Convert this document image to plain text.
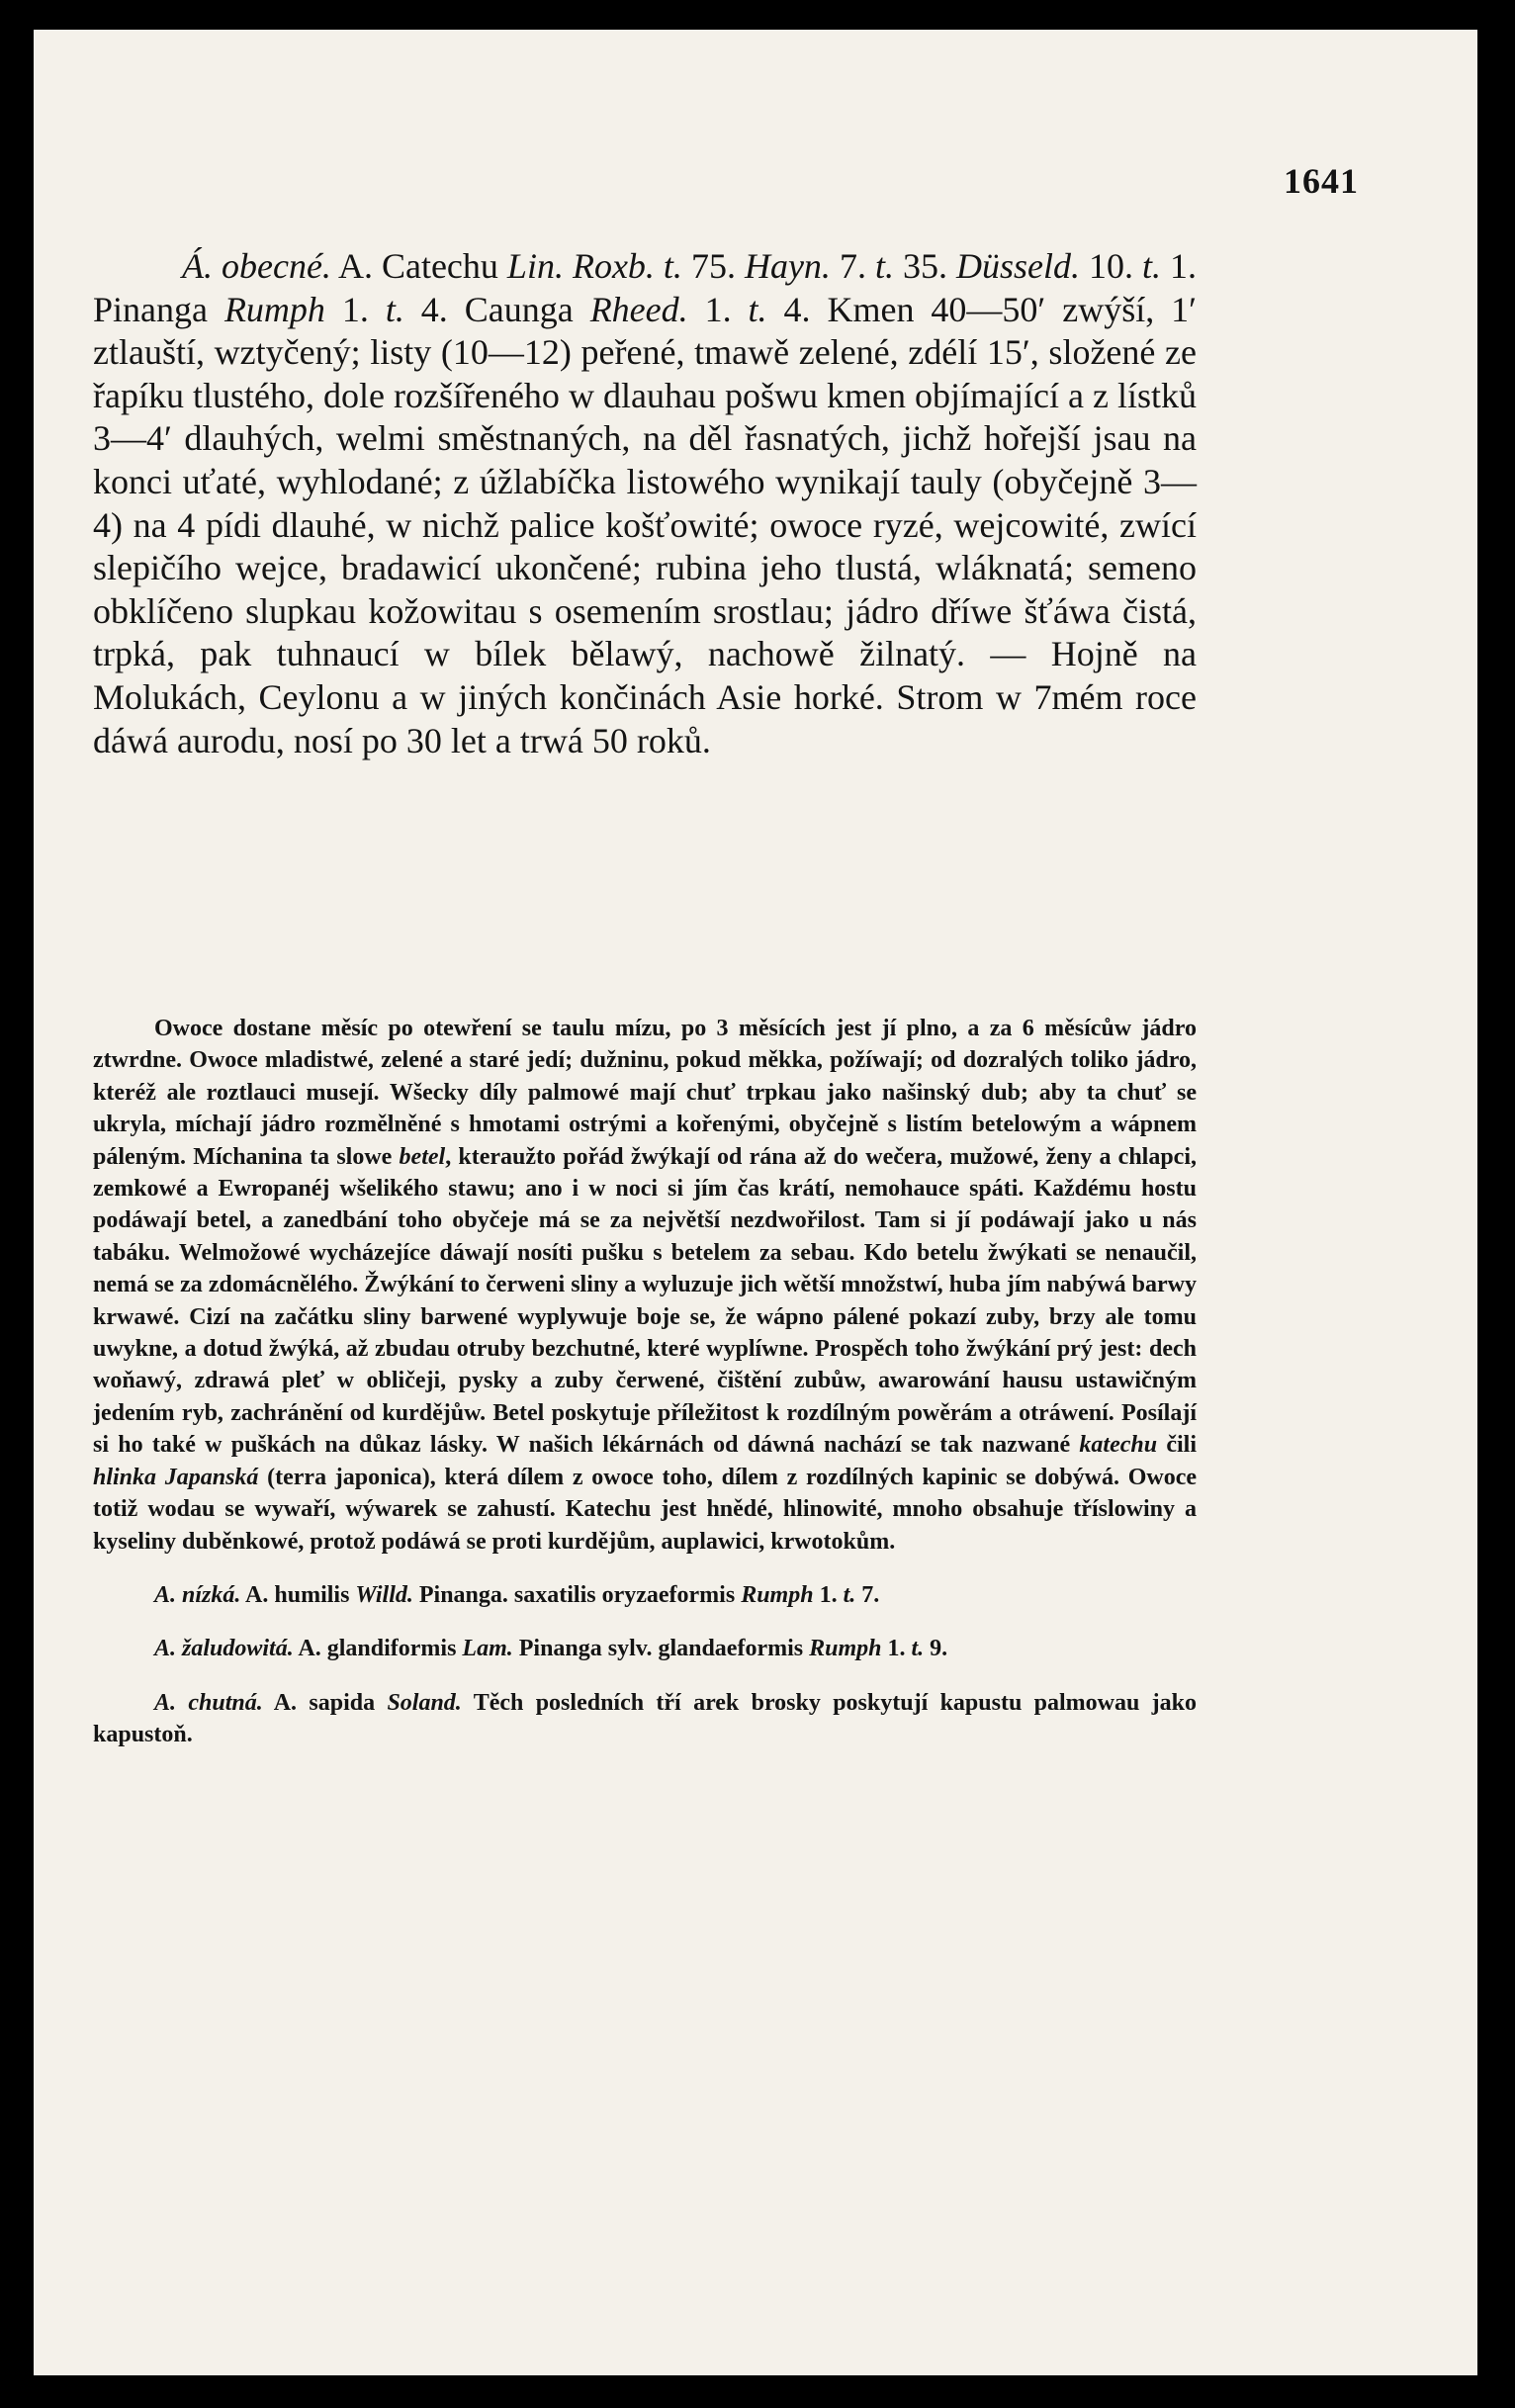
1641

Á. obecné. A. Catechu Lin. Roxb. t. 75. Hayn. 7. t. 35. Düsseld. 10. t. 1. Pinanga Rumph 1. t. 4. Caunga Rheed. 1. t. 4. Kmen 40—50′ zwýší, 1′ ztlauští, wztyčený; listy (10—12) peřené, tmawě zelené, zdélí 15′, složené ze řapíku tlustého, dole rozšířeného w dlauhau pošwu kmen objímající a z lístků 3—4′ dlauhých, welmi směstnaných, na děl řasnatých, jichž hořejší jsau na konci uťaté, wyhlodané; z úžlabíčka listowého wynikají tauly (obyčejně 3—4) na 4 pídi dlauhé, w nichž palice košťowité; owoce ryzé, wejcowité, zwící slepičího wejce, bradawicí ukončené; rubina jeho tlustá, wláknatá; semeno obklíčeno slupkau kožowitau s osemením srostlau; jádro dříwe šťáwa čistá, trpká, pak tuhnaucí w bílek bělawý, nachowě žilnatý. — Hojně na Molukách, Ceylonu a w jiných končinách Asie horké. Strom w 7mém roce dáwá aurodu, nosí po 30 let a trwá 50 roků.

Owoce dostane měsíc po otewření se taulu mízu, po 3 měsících jest jí plno, a za 6 měsícůw jádro ztwrdne. Owoce mladistwé, zelené a staré jedí; dužninu, pokud měkka, požíwají; od dozralých toliko jádro, kteréž ale roztlauci musejí. Wšecky díly palmowé mají chuť trpkau jako našinský dub; aby ta chuť se ukryla, míchají jádro rozmělněné s hmotami ostrými a kořenými, obyčejně s listím betelowým a wápnem páleným. Míchanina ta slowe betel, kteraužto pořád žwýkají od rána až do wečera, mužowé, ženy a chlapci, zemkowé a Ewropanéj wšelikého stawu; ano i w noci si jím čas krátí, nemohauce spáti. Každému hostu podáwají betel, a zanedbání toho obyčeje má se za největší nezdwořilost. Tam si jí podáwají jako u nás tabáku. Welmožowé wycházejíce dáwají nosíti pušku s betelem za sebau. Kdo betelu žwýkati se nenaučil, nemá se za zdomácnělého. Žwýkání to čerweni sliny a wyluzuje jich wětší množstwí, huba jím nabýwá barwy krwawé. Cizí na začátku sliny barwené wyplywuje boje se, že wápno pálené pokazí zuby, brzy ale tomu uwykne, a dotud žwýká, až zbudau otruby bezchutné, které wyplíwne. Prospěch toho žwýkání prý jest: dech woňawý, zdrawá pleť w obličeji, pysky a zuby čerwené, čištění zubůw, awarowání hausu ustawičným jedením ryb, zachránění od kurdějůw. Betel poskytuje příležitost k rozdílným powěrám a otráwení. Posílají si ho také w puškách na důkaz lásky. W našich lékárnách od dáwná nachází se tak nazwané katechu čili hlinka Japanská (terra japonica), která dílem z owoce toho, dílem z rozdílných kapinic se dobýwá. Owoce totiž wodau se wywaří, wýwarek se zahustí. Katechu jest hnědé, hlinowité, mnoho obsahuje tříslowiny a kyseliny duběnkowé, protož podáwá se proti kurdějům, auplawici, krwotokům.

A. nízká. A. humilis Willd. Pinanga. saxatilis oryzaeformis Rumph 1. t. 7.

A. žaludowitá. A. glandiformis Lam. Pinanga sylv. glandaeformis Rumph 1. t. 9.

A. chutná. A. sapida Soland. Těch posledních tří arek brosky poskytují kapustu palmowau jako kapustoň.
